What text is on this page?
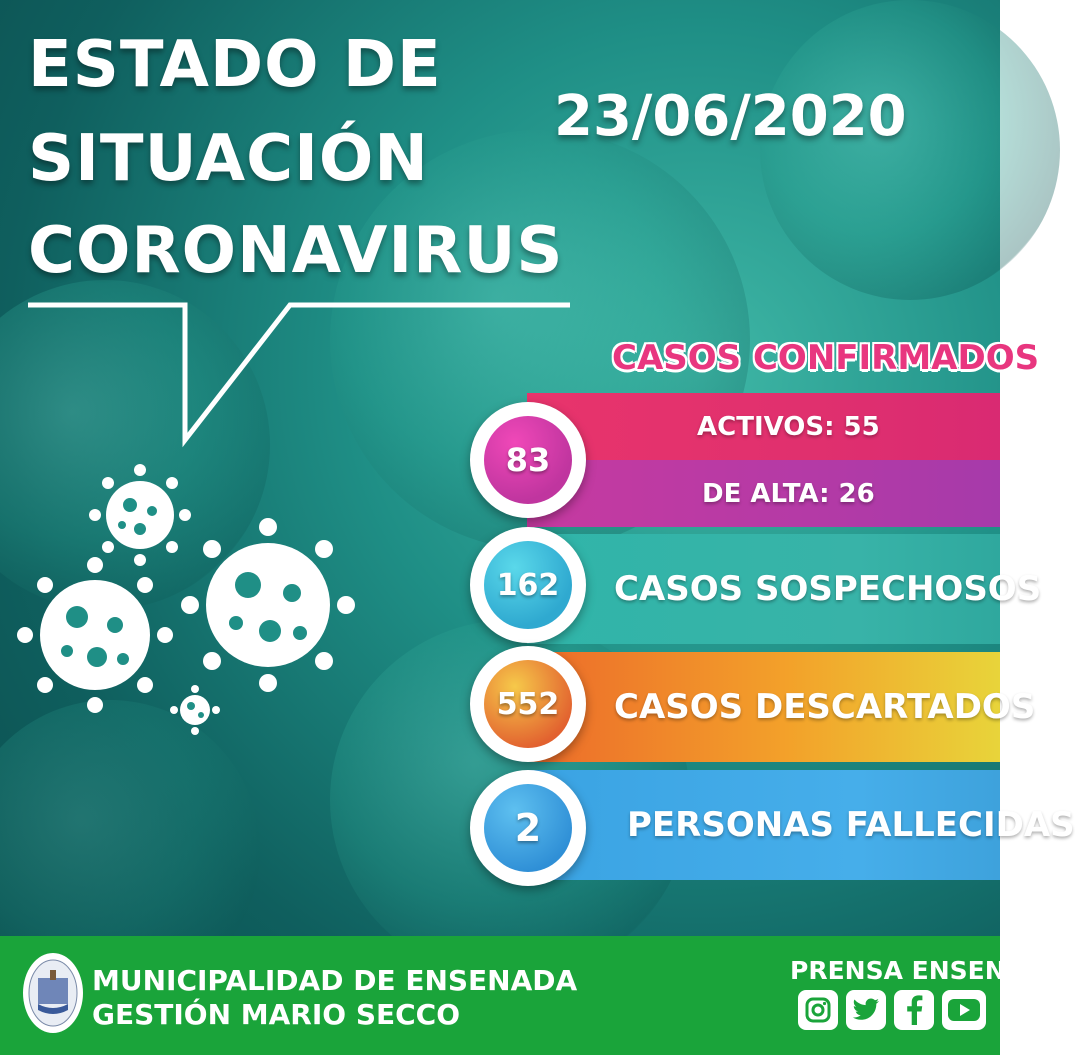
ESTADO DE
SITUACIÓN
CORONAVIRUS
23/06/2020
CASOS CONFIRMADOS
ACTIVOS: 55
DE ALTA: 26
CASOS SOSPECHOSOS
CASOS DESCARTADOS
PERSONAS FALLECIDAS
83
162
552
2
MUNICIPALIDAD DE ENSENADA
GESTIÓN MARIO SECCO
PRENSA ENSENADA
